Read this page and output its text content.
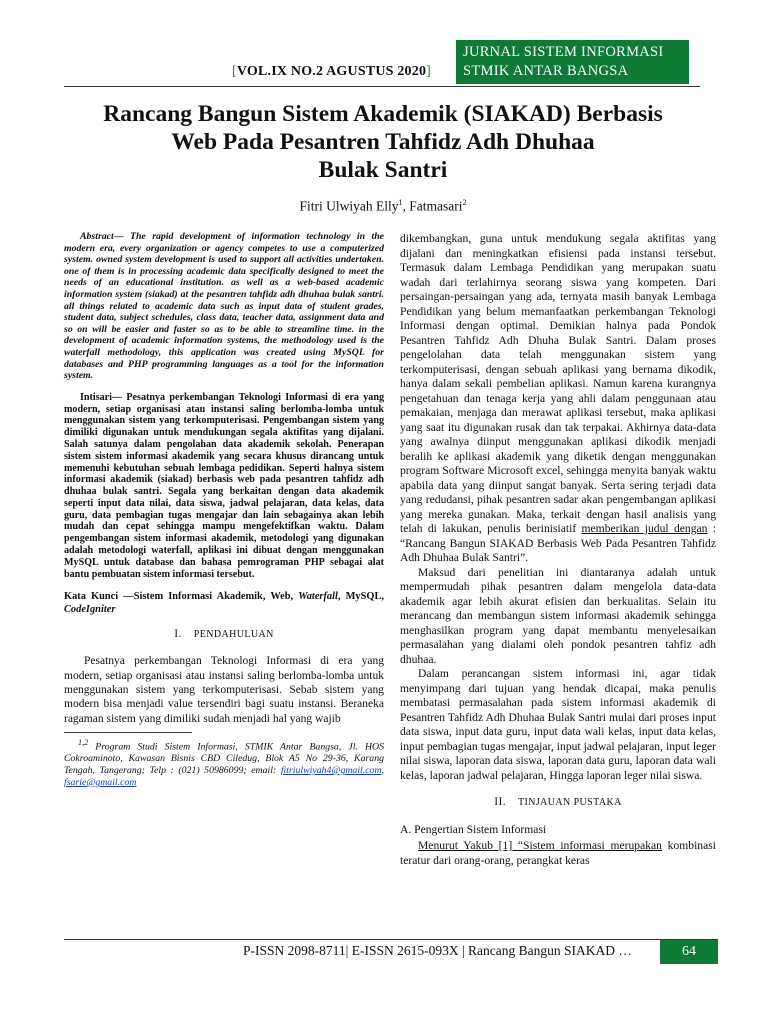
[VOL.IX NO.2 AGUSTUS 2020]
JURNAL SISTEM INFORMASI
STMIK ANTAR BANGSA
Rancang Bangun Sistem Akademik (SIAKAD) Berbasis
Web Pada Pesantren Tahfidz Adh Dhuhaa
Bulak Santri
Fitri Ulwiyah Elly$^1$, Fatmasari$^2$
Abstract— The rapid development of information technology in the modern era, every organization or agency competes to use a computerized system. owned system development is used to support all activities undertaken. one of them is in processing academic data specifically designed to meet the needs of an educational institution. as well as a web-based academic information system (siakad) at the pesantren tahfidz adh dhuhaa bulak santri. all things related to academic data such as input data of student grades, student data, subject schedules, class data, teacher data, assignment data and so on will be easier and faster so as to be able to streamline time. in the development of academic information systems, the methodology used is the waterfall methodology, this application was created using MySQL for databases and PHP programming languages as a tool for the information system.
Intisari— Pesatnya perkembangan Teknologi Informasi di era yang modern, setiap organisasi atau instansi saling berlomba-lomba untuk menggunakan sistem yang terkomputerisasi. Pengembangan sistem yang dimiliki digunakan untuk mendukungan segala aktifitas yang dijalani. Salah satunya dalam pengolahan data akademik sekolah. Penerapan sistem sistem informasi akademik yang secara khusus dirancang untuk memenuhi kebutuhan sebuah lembaga pedidikan. Seperti halnya sistem informasi akademik (siakad) berbasis web pada pesantren tahfidz adh dhuhaa bulak santri. Segala yang berkaitan dengan data akademik seperti input data nilai, data siswa, jadwal pelajaran, data kelas, data guru, data pembagian tugas mengajar dan lain sebagainya akan lebih mudah dan cepat sehingga mampu mengefektifkan waktu. Dalam pengembangan sistem informasi akademik, metodologi yang digunakan adalah metodologi waterfall, aplikasi ini dibuat dengan menggunakan MySQL untuk database dan bahasa pemrograman PHP sebagai alat bantu pembuatan sistem informasi tersebut.
Kata Kunci —Sistem Informasi Akademik, Web, Waterfall, MySQL, CodeIgniter
I. PENDAHULUAN

Pesatnya perkembangan Teknologi Informasi di era yang modern, setiap organisasi atau instansi saling berlomba-lomba untuk menggunakan sistem yang terkomputerisasi. Sebab sistem yang modern bisa menjadi value tersendiri bagi suatu instansi. Beraneka ragaman sistem yang dimiliki sudah menjadi hal yang wajib

$^{1,2}$ Program Studi Sistem Informasi, STMIK Antar Bangsa, Jl. HOS Cokroaminoto, Kawasan Bisnis CBD Ciledug, Blok A5 No 29-36, Karang Tengah, Tangerang; Telp : (021) 50986099; email: fitriulwiyah4@gmail.com, fsarie@gmail.com

dikembangkan, guna untuk mendukung segala aktifitas yang dijalani dan meningkatkan efisiensi pada instansi tersebut. Termasuk dalam Lembaga Pendidikan yang merupakan suatu wadah dari terlahirnya seorang siswa yang kompeten. Dari persaingan-persaingan yang ada, ternyata masih banyak Lembaga Pendidikan yang belum memanfaatkan perkembangan Teknologi Informasi dengan optimal. Demikian halnya pada Pondok Pesantren Tahfidz Adh Dhuha Bulak Santri. Dalam proses pengelolahan data telah menggunakan sistem yang terkomputerisasi, dengan sebuah aplikasi yang bernama dikodik, hanya dalam sekali pembelian aplikasi. Namun karena kurangnya pengetahuan dan tenaga kerja yang ahli dalam penggunaan atau pemakaian, menjaga dan merawat aplikasi tersebut, maka aplikasi yang saat itu digunakan rusak dan tak terpakai. Akhirnya data-data yang awalnya diinput menggunakan aplikasi dikodik menjadi beralih ke aplikasi akademik yang diketik dengan menggunakan program Software Microsoft excel, sehingga menyita banyak waktu apabila data yang diinput sangat banyak. Serta sering terjadi data yang redudansi, pihak pesantren sadar akan pengembangan aplikasi yang mereka gunakan. Maka, terkait dengan hasil analisis yang telah di lakukan, penulis berinisiatif memberikan judul dengan : “Rancang Bangun SIAKAD Berbasis Web Pada Pesantren Tahfidz Adh Dhuhaa Bulak Santri”.

Maksud dari penelitian ini diantaranya adalah untuk mempermudah pihak pesantren dalam mengelola data-data akademik agar lebih akurat efisien dan berkualitas. Selain itu merancang dan membangun sistem informasi akademik sehingga menghasilkan program yang dapat membantu menyelesaikan permasalahan yang dialami oleh pondok pesantren tahfiz adh dhuhaa.

Dalam perancangan sistem informasi ini, agar tidak menyimpang dari tujuan yang hendak dicapai, maka penulis membatasi permasalahan pada sistem informasi akademik di Pesantren Tahfidz Adh Dhuhaa Bulak Santri mulai dari proses input data siswa, input data guru, input data wali kelas, input data kelas, input pembagian tugas mengajar, input jadwal pelajaran, input leger nilai siswa, laporan data siswa, laporan data guru, laporan data wali kelas, laporan jadwal pelajaran, Hingga laporan leger nilai siswa.

II. TINJAUAN PUSTAKA
A. Pengertian Sistem Informasi

Menurut Yakub [1] “Sistem informasi merupakan kombinasi teratur dari orang-orang, perangkat keras

P-ISSN 2098-8711| E-ISSN 2615-093X | Rancang Bangun SIAKAD …	64
